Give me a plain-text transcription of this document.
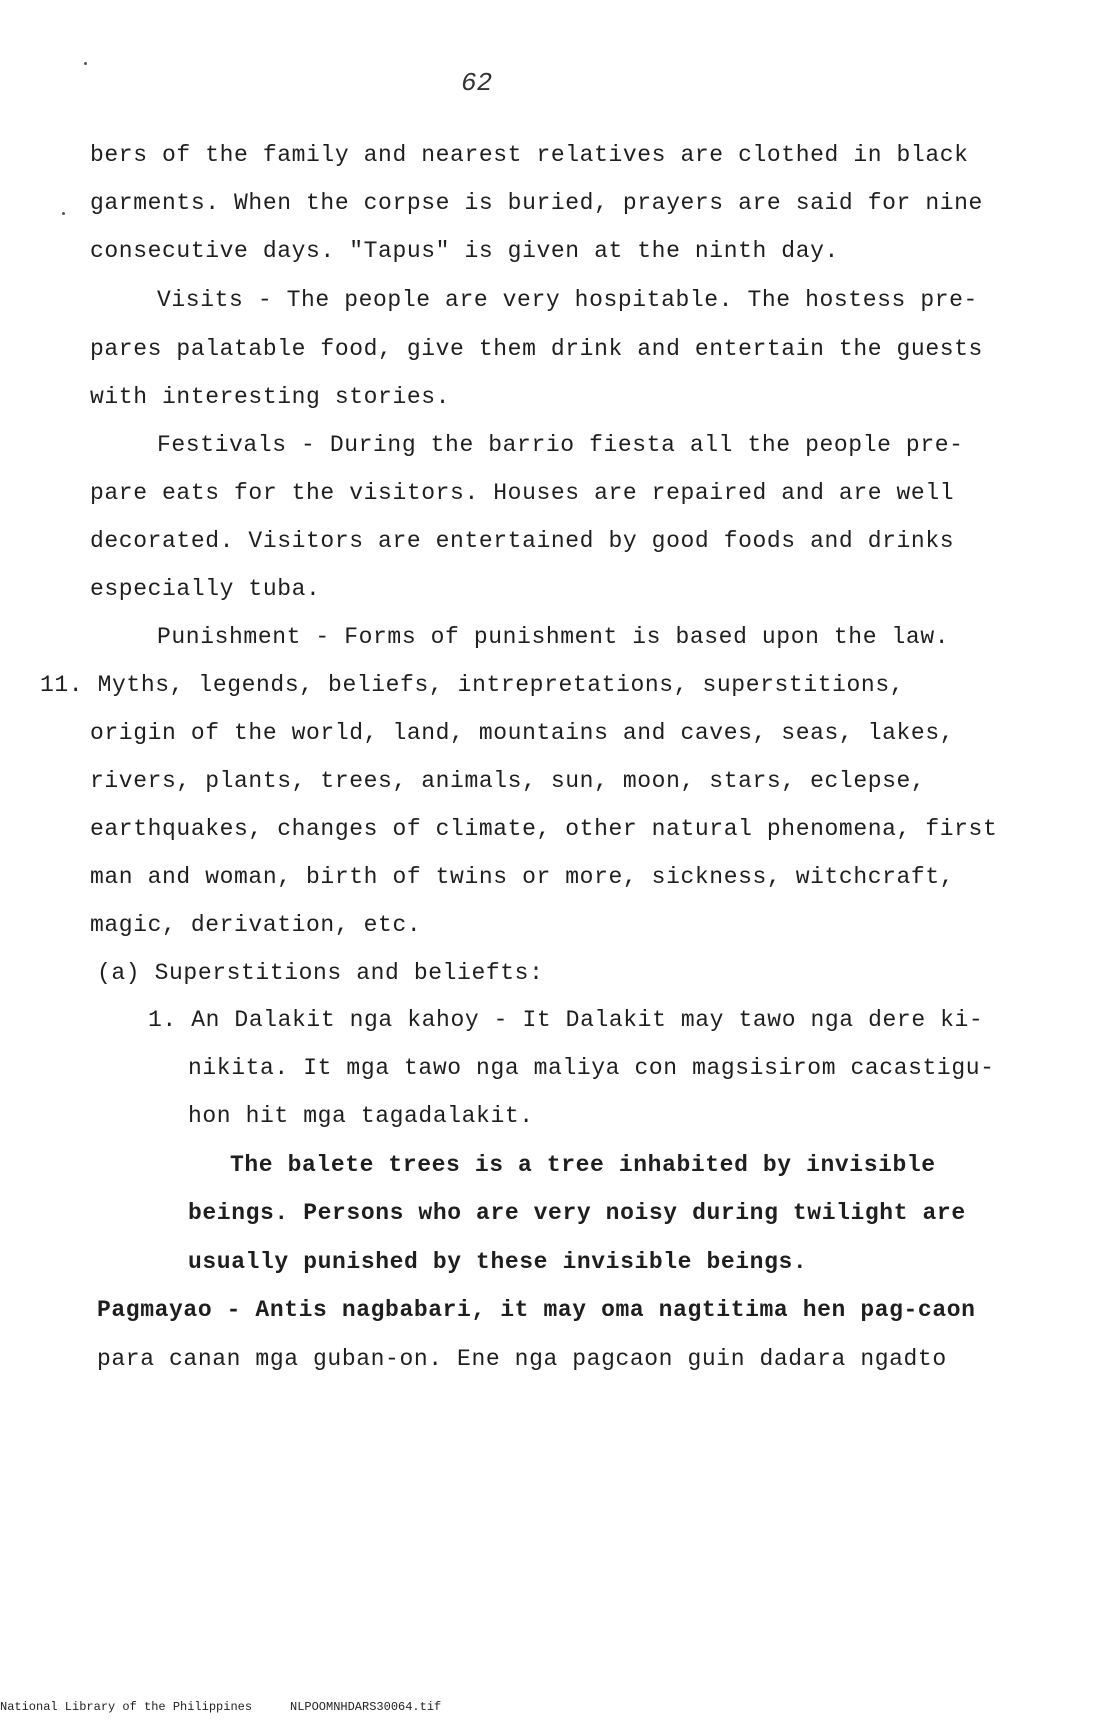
62
bers of the family and nearest relatives are clothed in black
garments. When the corpse is buried, prayers are said for nine
consecutive days. "Tapus" is given at the ninth day.
Visits - The people are very hospitable. The hostess pre-
pares palatable food, give them drink and entertain the guests
with interesting stories.
Festivals - During the barrio fiesta all the people pre-
pare eats for the visitors. Houses are repaired and are well
decorated. Visitors are entertained by good foods and drinks
especially tuba.
Punishment - Forms of punishment is based upon the law.
11. Myths, legends, beliefs, intrepretations, superstitions,
origin of the world, land, mountains and caves, seas, lakes,
rivers, plants, trees, animals, sun, moon, stars, eclepse,
earthquakes, changes of climate, other natural phenomena, first
man and woman, birth of twins or more, sickness, witchcraft,
magic, derivation, etc.
(a) Superstitions and beliefts:
1. An Dalakit nga kahoy - It Dalakit may tawo nga dere ki-
nikita. It mga tawo nga maliya con magsisirom cacastigu-
hon hit mga tagadalakit.
The balete trees is a tree inhabited by invisible
beings. Persons who are very noisy during twilight are
usually punished by these invisible beings.
Pagmayao - Antis nagbabari, it may oma nagtitima hen pag-caon
para canan mga guban-on. Ene nga pagcaon guin dadara ngadto
National Library of the Philippines	NLPOOMNHDARS30064.tif
